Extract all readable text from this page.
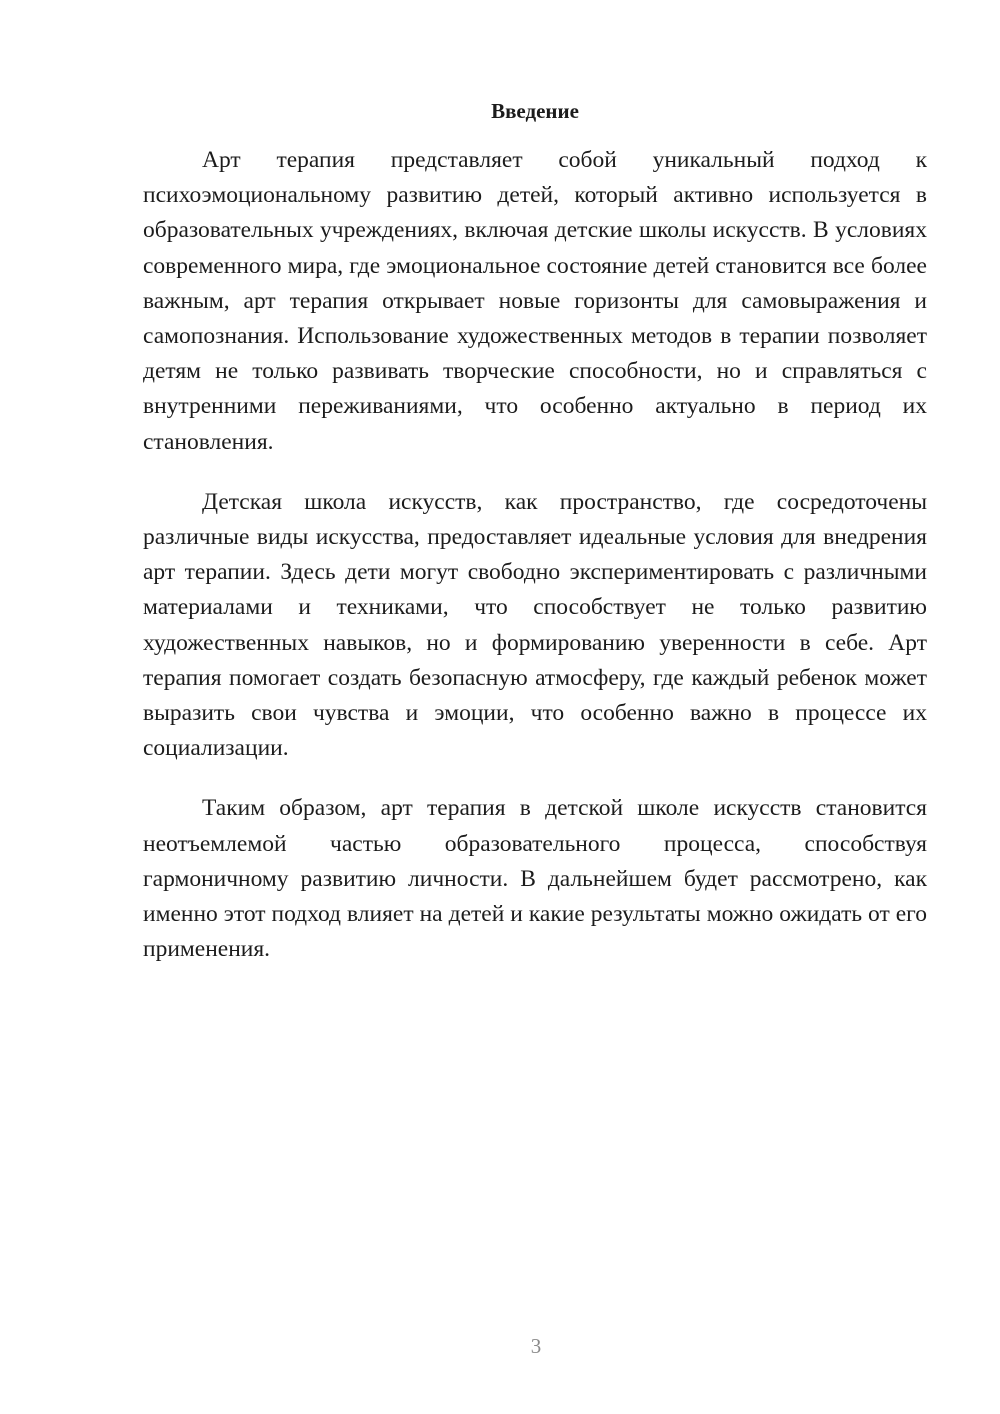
Введение

Арт терапия представляет собой уникальный подход к психоэмоциональному развитию детей, который активно используется в образовательных учреждениях, включая детские школы искусств. В условиях современного мира, где эмоциональное состояние детей становится все более важным, арт терапия открывает новые горизонты для самовыражения и самопознания. Использование художественных методов в терапии позволяет детям не только развивать творческие способности, но и справляться с внутренними переживаниями, что особенно актуально в период их становления.

Детская школа искусств, как пространство, где сосредоточены различные виды искусства, предоставляет идеальные условия для внедрения арт терапии. Здесь дети могут свободно экспериментировать с различными материалами и техниками, что способствует не только развитию художественных навыков, но и формированию уверенности в себе. Арт терапия помогает создать безопасную атмосферу, где каждый ребенок может выразить свои чувства и эмоции, что особенно важно в процессе их социализации.

Таким образом, арт терапия в детской школе искусств становится неотъемлемой частью образовательного процесса, способствуя гармоничному развитию личности. В дальнейшем будет рассмотрено, как именно этот подход влияет на детей и какие результаты можно ожидать от его применения.

3
